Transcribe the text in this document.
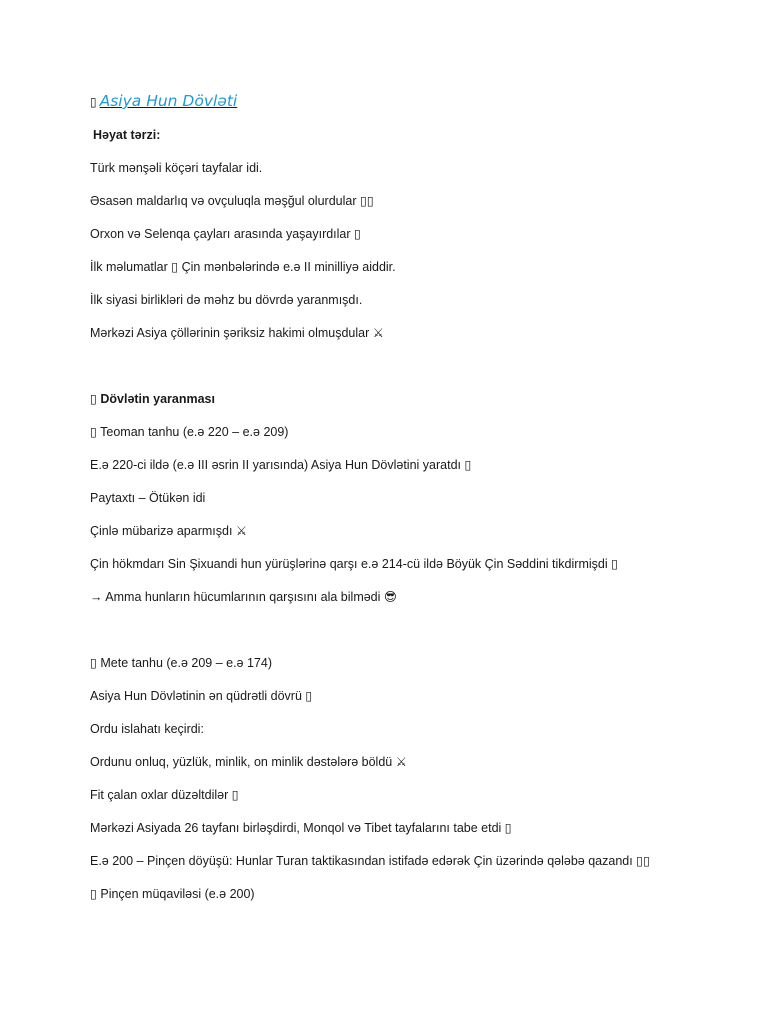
▯ Asiya Hun Dövləti
Həyat tərzi:
Türk mənşəli köçəri tayfalar idi.
Əsasən maldarlıq və ovçuluqla məşğul olurdular ▯▯
Orxon və Selenqa çayları arasında yaşayırdılar ▯
İlk məlumatlar ▯ Çin mənbələrində e.ə II minilliyə aiddir.
İlk siyasi birlikləri də məhz bu dövrdə yaranmışdı.
Mərkəzi Asiya çöllərinin şəriksiz hakimi olmuşdular ⚔
▯ Dövlətin yaranması
▯ Teoman tanhu (e.ə 220 – e.ə 209)
E.ə 220-ci ildə (e.ə III əsrin II yarısında) Asiya Hun Dövlətini yaratdı ▯
Paytaxtı – Ötükən idi
Çinlə mübarizə aparmışdı ⚔
Çin hökmdarı Sin Şixuandi hun yürüşlərinə qarşı e.ə 214-cü ildə Böyük Çin Səddini tikdirmişdi ▯
→ Amma hunların hücumlarının qarşısını ala bilmədi 😎
▯ Mete tanhu (e.ə 209 – e.ə 174)
Asiya Hun Dövlətinin ən qüdrətli dövrü ▯
Ordu islahatı keçirdi:
Ordunu onluq, yüzlük, minlik, on minlik dəstələrə böldü ⚔
Fit çalan oxlar düzəltdilər ▯
Mərkəzi Asiyada 26 tayfanı birləşdirdi, Monqol və Tibet tayfalarını tabe etdi ▯
E.ə 200 – Pinçen döyüşü: Hunlar Turan taktikasından istifadə edərək Çin üzərində qələbə qazandı ▯▯
▯ Pinçen müqaviləsi (e.ə 200)
